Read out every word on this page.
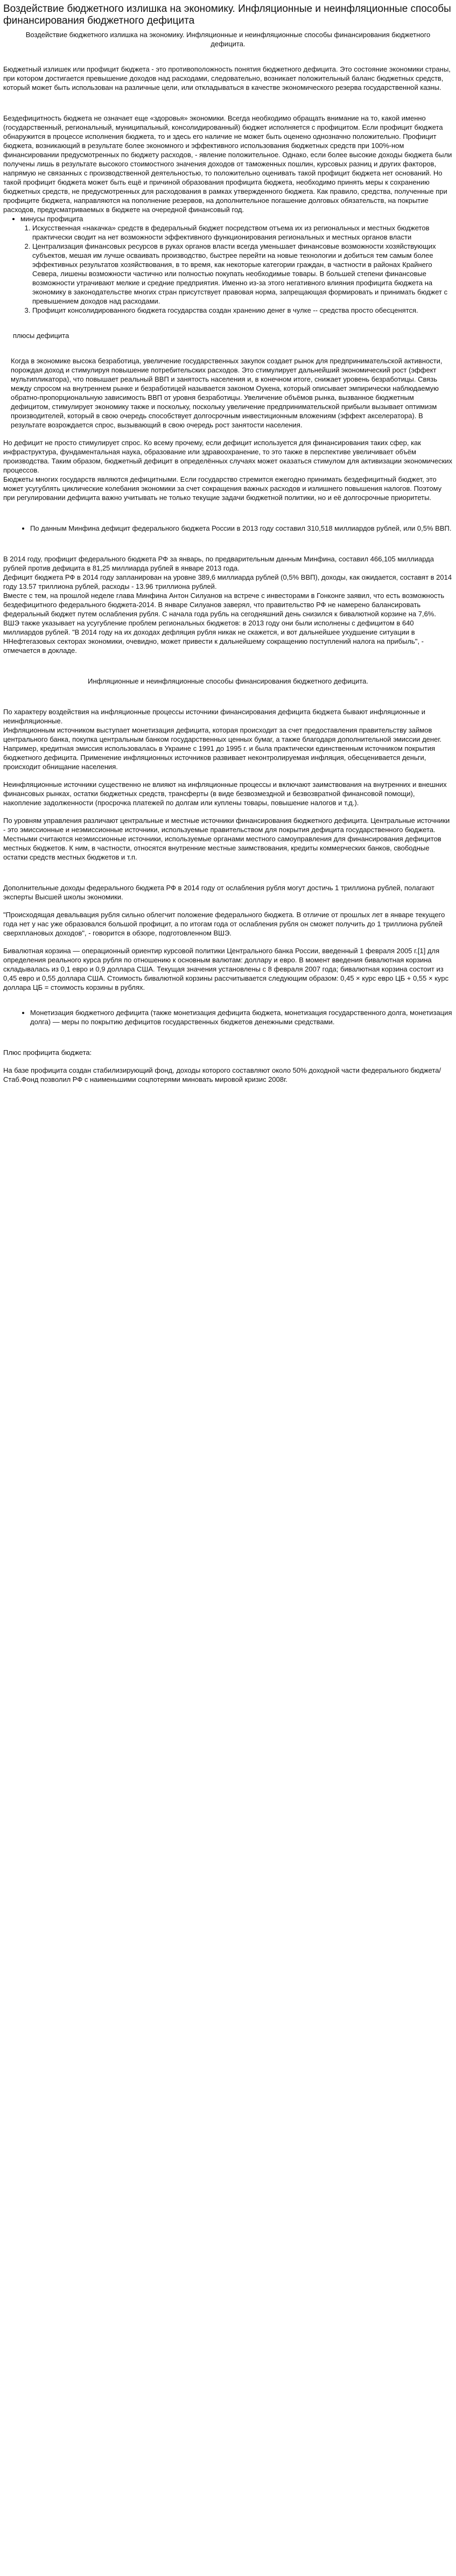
Воздействие бюджетного излишка на экономику. Инфляционные и неинфляционные способы финансирования бюджетного дефицита

Воздействие бюджетного излишка на экономику. Инфляционные и неинфляционные способы финансирования бюджетного дефицита.

Бюджетный излишек или профицит бюджета - это противоположность понятия бюджетного дефицита. Это состояние экономики страны, при котором достигается превышение доходов над расходами, следовательно, возникает положительный баланс бюджетных средств, который может быть использован на различные цели, или откладываться в качестве экономического резерва государственной казны.

Бездефицитность бюджета не означает еще «здоровья» экономики. Всегда необходимо обращать внимание на то, какой именно (государственный, региональный, муниципальный, консолидированный) бюджет исполняется с профицитом. Если профицит бюджета обнаружится в процессе исполнения бюджета, то и здесь его наличие не может быть оценено однозначно положительно. Профицит бюджета, возникающий в результате более экономного и эффективного использования бюджетных средств при 100%-ном финансировании предусмотренных по бюджету расходов, - явление положительное. Однако, если более высокие доходы бюджета были получены лишь в результате высокого стоимостного значения доходов от таможенных пошлин, курсовых разниц и других факторов, напрямую не связанных с производственной деятельностью, то положительно оценивать такой профицит бюджета нет оснований. Но такой профицит бюджета может быть ещё и причиной образования профицита бюджета, необходимо принять меры к сохранению бюджетных средств, не предусмотренных для расходования в рамках утвержденного бюджета. Как правило, средства, полученные при профиците бюджета, направляются на пополнение резервов, на дополнительное погашение долговых обязательств, на покрытие расходов, предусматриваемых в бюджете на очередной финансовый год.

• минусы профицита
1. Искусственная «накачка» средств в федеральный бюджет посредством отъема их из региональных и местных бюджетов практически сводит на нет возможности эффективного функционирования региональных и местных органов власти
2. Централизация финансовых ресурсов в руках органов власти всегда уменьшает финансовые возможности хозяйствующих субъектов, мешая им лучше осваивать производство, быстрее перейти на новые технологии и добиться тем самым более эффективных результатов хозяйствования, в то время, как некоторые категории граждан, в частности в районах Крайнего Севера, лишены возможности частично или полностью покупать необходимые товары. В большей степени финансовые возможности утрачивают мелкие и средние предприятия. Именно из-за этого негативного влияния профицита бюджета на экономику в законодательстве многих стран присутствует правовая норма, запрещающая формировать и принимать бюджет с превышением доходов над расходами.
3. Профицит консолидированного бюджета государства создан хранению денег в чулке -- средства просто обесценятся.

плюсы дефицита

Когда в экономике высока безработица, увеличение государственных закупок создает рынок для предпринимательской активности, порождая доход и стимулируя повышение потребительских расходов. Это стимулирует дальнейший экономический рост (эффект мультипликатора), что повышает реальный ВВП и занятость населения и, в конечном итоге, снижает уровень безработицы. Связь между спросом на внутреннем рынке и безработицей называется законом Оукена, который описывает эмпирически наблюдаемую обратно-пропорциональную зависимость ВВП от уровня безработицы. Увеличение объёмов рынка, вызванное бюджетным дефицитом, стимулирует экономику также и поскольку, поскольку увеличение предпринимательской прибыли вызывает оптимизм производителей, который в свою очередь способствует долгосрочным инвестиционным вложениям (эффект акселератора). В результате возрождается спрос, вызывающий в свою очередь рост занятости населения.

Но дефицит не просто стимулирует спрос. Ко всему прочему, если дефицит используется для финансирования таких сфер, как инфраструктура, фундаментальная наука, образование или здравоохранение, то это также в перспективе увеличивает объём производства. Таким образом, бюджетный дефицит в определённых случаях может оказаться стимулом для активизации экономических процессов.

Бюджеты многих государств являются дефицитными. Если государство стремится ежегодно принимать бездефицитный бюджет, это может усугублять циклические колебания экономики за счет сокращения важных расходов и излишнего повышения налогов. Поэтому при регулировании дефицита важно учитывать не только текущие задачи бюджетной политики, но и её долгосрочные приоритеты.

• По данным Минфина дефицит федерального бюджета России в 2013 году составил 310,518 миллиардов рублей, или 0,5% ВВП.

В 2014 году, профицит федерального бюджета РФ за январь, по предварительным данным Минфина, составил 466,105 миллиарда рублей против дефицита в 81,25 миллиарда рублей в январе 2013 года.

Дефицит бюджета РФ в 2014 году запланирован на уровне 389,6 миллиарда рублей (0,5% ВВП), доходы, как ожидается, составят в 2014 году 13.57 триллиона рублей, расходы - 13.96 триллиона рублей.

Вместе с тем, на прошлой неделе глава Минфина Антон Силуанов на встрече с инвесторами в Гонконге заявил, что есть возможность бездефицитного федерального бюджета-2014. В январе Силуанов заверял, что правительство РФ не намерено балансировать федеральный бюджет путем ослабления рубля. С начала года рубль на сегодняшний день снизился к бивалютной корзине на 7,6%.

ВШЭ также указывает на усугубление проблем региональных бюджетов: в 2013 году они были исполнены с дефицитом в 640 миллиардов рублей. "В 2014 году на их доходах дефляция рубля никак не скажется, и вот дальнейшее ухудшение ситуации в ННефтегазовых секторах экономики, очевидно, может привести к дальнейшему сокращению поступлений налога на прибыль", - отмечается в докладе.

Инфляционные и неинфляционные способы финансирования бюджетного дефицита.

По характеру воздействия на инфляционные процессы источники финансирования дефицита бюджета бывают инфляционные и неинфляционные.

Инфляционным источником выступает монетизация дефицита, которая происходит за счет предоставления правительству займов центрального банка, покупка центральным банком государственных ценных бумаг, а также благодаря дополнительной эмиссии денег. Например, кредитная эмиссия использовалась в Украине с 1991 до 1995 г. и была практически единственным источником покрытия бюджетного дефицита. Применение инфляционных источников развивает неконтролируемая инфляция, обесценивается деньги, происходит обнищание населения.

Неинфляционные источники существенно не влияют на инфляционные процессы и включают заимствования на внутренних и внешних финансовых рынках, остатки бюджетных средств, трансферты (в виде безвозмездной и безвозвратной финансовой помощи), накопление задолженности (просрочка платежей по долгам или куплены товары, повышение налогов и т.д.).

По уровням управления различают центральные и местные источники финансирования бюджетного дефицита. Центральные источники - это эмиссионные и неэмиссионные источники, используемые правительством для покрытия дефицита государственного бюджета. Местными считаются неэмиссионные источники, используемые органами местного самоуправления для финансирования дефицитов местных бюджетов. К ним, в частности, относятся внутренние местные заимствования, кредиты коммерческих банков, свободные остатки средств местных бюджетов и т.п.

Дополнительные доходы федерального бюджета РФ в 2014 году от ослабления рубля могут достичь 1 триллиона рублей, полагают эксперты Высшей школы экономики.

"Происходящая девальвация рубля сильно облегчит положение федерального бюджета. В отличие от прошлых лет в январе текущего года нет у нас уже образовался большой профицит, а по итогам года от ослабления рубля он сможет получить до 1 триллиона рублей сверхплановых доходов", - говорится в обзоре, подготовленном ВШЭ.

Бивалютная корзина — операционный ориентир курсовой политики Центрального банка России, введенный 1 февраля 2005 г.[1] для определения реального курса рубля по отношению к основным валютам: доллару и евро. В момент введения бивалютная корзина складывалась из 0,1 евро и 0,9 доллара США. Текущая значения установлены с 8 февраля 2007 года; бивалютная корзина состоит из 0,45 евро и 0,55 доллара США. Стоимость бивалютной корзины рассчитывается следующим образом: 0,45 × курс евро ЦБ + 0,55 × курс доллара ЦБ = стоимость корзины в рублях.

• Монетизация бюджетного дефицита (также монетизация дефицита бюджета, монетизация государственного долга, монетизация долга) — меры по покрытию дефицитов государственных бюджетов денежными средствами.

Плюс профицита бюджета:

На базе профицита создан стабилизирующий фонд, доходы которого составляют около 50% доходной части федерального бюджета/ Стаб.Фонд позволил РФ с наименьшими соцпотерями миновать мировой кризис 2008г.
